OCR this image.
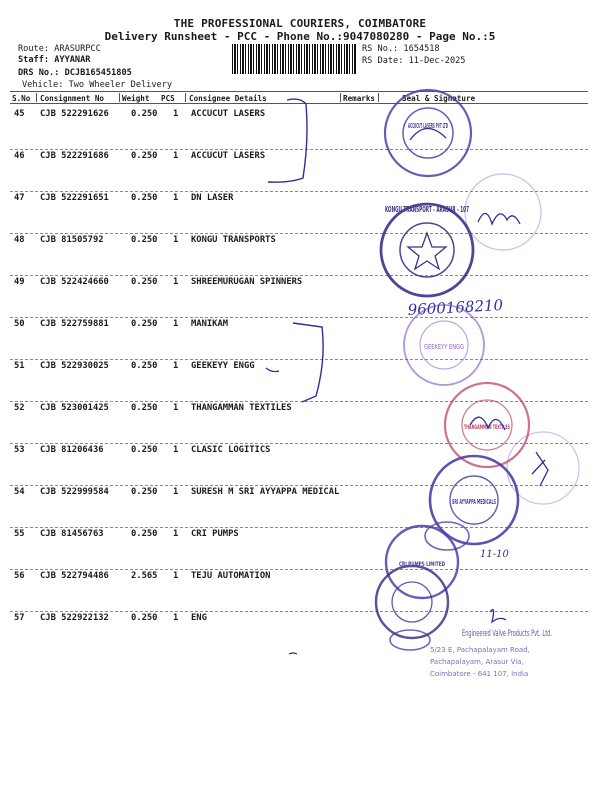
THE PROFESSIONAL COURIERS, COIMBATORE
Delivery Runsheet - PCC - Phone No.:9047080280 - Page No.:5
Route: ARASURPCC
Staff: AYYANAR
DRS No.: DCJB165451805
Vehicle: Two Wheeler Delivery
RS No.: 1654518
RS Date: 11-Dec-2025
S.No Consignment No Weight PCS Consignee Details	Remarks	Seal & Signature
45 CJB 522291626	0.250 1 ACCUCUT LASERS
46 CJB 522291686	0.250 1 ACCUCUT LASERS
47 CJB 522291651	0.250 1 DN LASER
48 CJB 81505792	0.250 1 KONGU TRANSPORTS
49 CJB 522424660	0.250 1 SHREEMURUGAN SPINNERS
50 CJB 522759881	0.250 1 MANIKAM
51 CJB 522930025	0.250 1 GEEKEYY ENGG
52 CJB 523001425	0.250 1 THANGAMMAN TEXTILES
53 CJB 81206436	0.250 1 CLASIC LOGITICS
54 CJB 522999584	0.250 1 SURESH M SRI AYYAPPA MEDICAL
55 CJB 81456763	0.250 1 CRI PUMPS
56 CJB 522794486	2.565 1 TEJU AUTOMATION
57 CJB 522922132	0.250 1 ENG
ACCUCUT LASERS PVT LTD
KONGU TRANSPORT - ARASUR - 107
9600168210
GEEKEYY ENGG
THANGAMMAN TEXTILES
SRI AYYAPPA MEDICALS
CRI PUMPS LIMITED
11-10
Engineered Valve Products Pvt. Ltd.
5/23 E, Pachapalayam Road,
Pachapalayam, Arasur Via,
Coimbatore - 641 107, India
